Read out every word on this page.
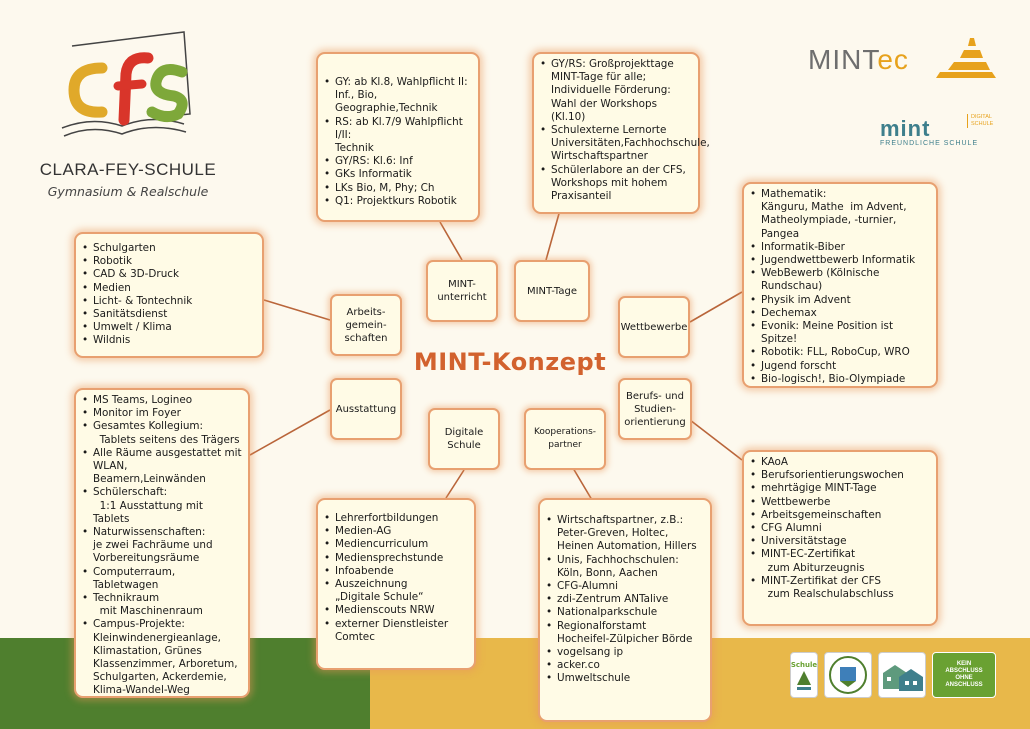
CLARA-FEY-SCHULE
Gymnasium & Realschule
MINTec
mint
FREUNDLICHE SCHULE
DIGITAL SCHULE
• GY: ab Kl.8, Wahlpflicht II:
Inf., Bio, Geographie,Technik
• RS: ab Kl.7/9 Wahlpflicht I/II:
Technik
• GY/RS: Kl.6: Inf
• GKs Informatik
• LKs Bio, M, Phy; Ch
• Q1: Projektkurs Robotik
• GY/RS: Großprojekttage
MINT-Tage für alle;
Individuelle Förderung:
Wahl der Workshops (Kl.10)
• Schulexterne Lernorte
Universitäten,Fachhochschule,
Wirtschaftspartner
• Schülerlabore an der CFS,
Workshops mit hohem
Praxisanteil
•	Mathematik:
Känguru, Mathe  im Advent,
Matheolympiade, -turnier, Pangea
• Informatik-Biber
• Jugendwettbewerb Informatik
• WebBewerb (Kölnische
Rundschau)
• Physik im Advent
• Dechemax
• Evonik: Meine Position ist Spitze!
• Robotik: FLL, RoboCup, WRO
• Jugend forscht
• Bio-logisch!, Bio-Olympiade
• KAoA
• Berufsorientierungswochen
• mehrtägige MINT-Tage
• Wettbewerbe
• Arbeitsgemeinschaften
• CFG Alumni
• Universitätstage
• MINT-EC-Zertifikat
zum Abiturzeugnis
• MINT-Zertifikat der CFS
zum Realschulabschluss
• Wirtschaftspartner, z.B.:
Peter-Greven, Holtec,
Heinen Automation, Hillers
• Unis, Fachhochschulen:
Köln, Bonn, Aachen
• CFG-Alumni
• zdi-Zentrum ANTalive
• Nationalparkschule
• Regionalforstamt
Hocheifel-Zülpicher Börde
• vogelsang ip
• acker.co
• Umweltschule
• Lehrerfortbildungen
• Medien-AG
• Mediencurriculum
• Mediensprechstunde
• Infoabende
• Auszeichnung
„Digitale Schule“
• Medienscouts NRW
• externer Dienstleister
Comtec
• MS Teams, Logineo
• Monitor im Foyer
• Gesamtes Kollegium:
Tablets seitens des Trägers
• Alle Räume ausgestattet mit
WLAN, Beamern,Leinwänden
• Schülerschaft:
1:1 Ausstattung mit Tablets
• Naturwissenschaften:
je zwei Fachräume und
Vorbereitungsräume
• Computerraum, Tabletwagen
• Technikraum
mit Maschinenraum
• Campus-Projekte:
Kleinwindenergieanlage,
Klimastation, Grünes
Klassenzimmer, Arboretum,
Schulgarten, Ackerdemie,
Klima-Wandel-Weg
• Schulgarten
• Robotik
• CAD & 3D-Druck
• Medien
• Licht- & Tontechnik
• Sanitätsdienst
• Umwelt / Klima
• Wildnis
MINT-
unterricht
MINT-Tage
Wettbewerbe
Berufs- und
Studien-
orientierung
Kooperations-
partner
Digitale
Schule
Ausstattung
Arbeits-
gemein-
schaften
MINT-Konzept
Schule	KEIN ABSCHLUSS OHNE ANSCHLUSS
